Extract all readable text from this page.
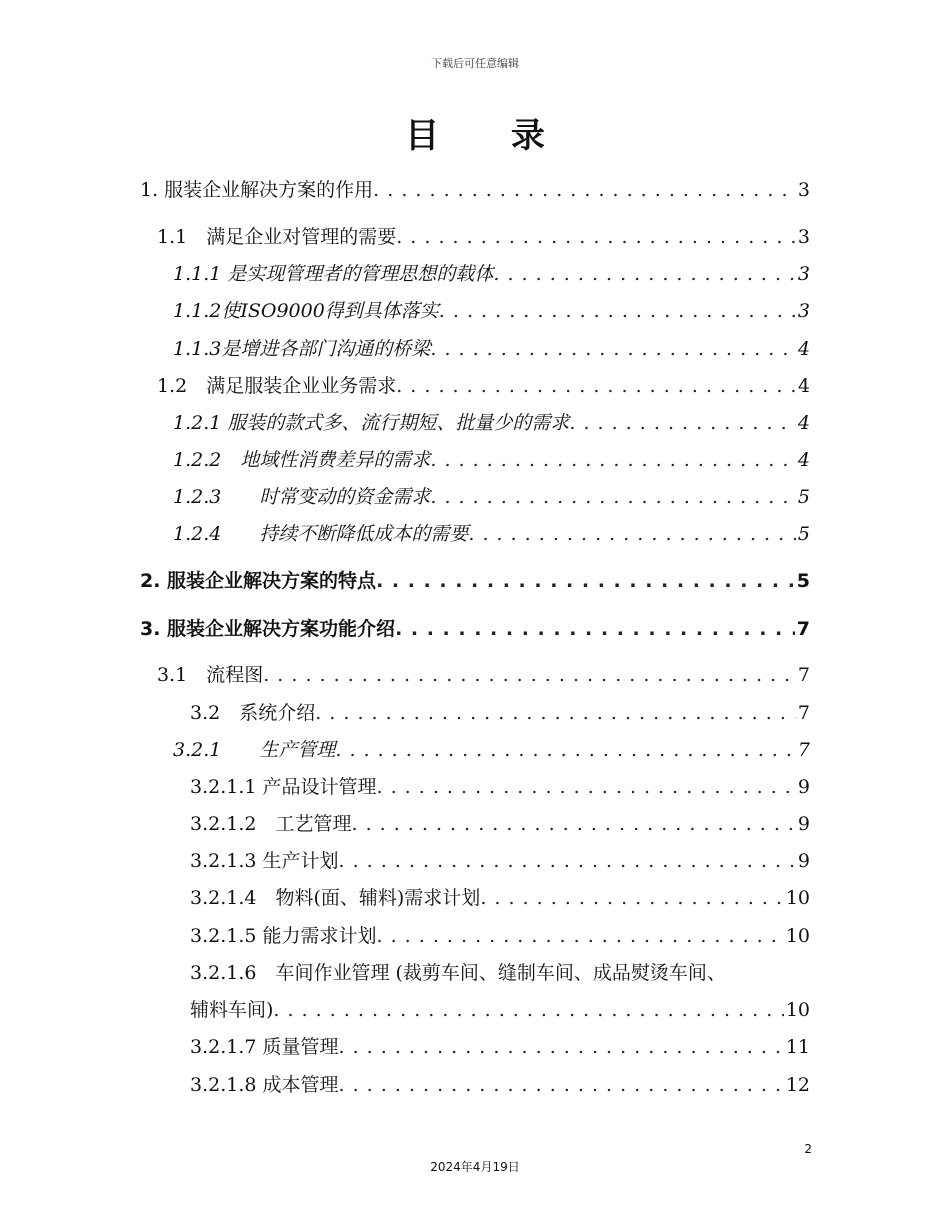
下载后可任意编辑
目 录
1. 服装企业解决方案的作用 . . .	3
1.1　满足企业对管理的需要 . . .	3
1.1.1 是实现管理者的管理思想的载体 . . .	3
1.1.2使ISO9000得到具体落实 . . .	3
1.1.3是增进各部门沟通的桥梁 . . .	4
1.2　满足服装企业业务需求 . . .	4
1.2.1 服装的款式多、流行期短、批量少的需求 . . .	4
1.2.2　地域性消费差异的需求 . . .	4
1.2.3　　时常变动的资金需求 . . .	5
1.2.4　　持续不断降低成本的需要 . . .	5
2. 服装企业解决方案的特点 . . .	5
3. 服装企业解决方案功能介绍 . . .	7
3.1　流程图 . . .	7
3.2　系统介绍 . . .	7
3.2.1　　生产管理 . . .	7
3.2.1.1 产品设计管理 . . .	9
3.2.1.2　工艺管理 . . .	9
3.2.1.3 生产计划 . . .	9
3.2.1.4　物料(面、辅料)需求计划 . . .	10
3.2.1.5 能力需求计划 . . .	10
3.2.1.6　车间作业管理 (裁剪车间、缝制车间、成品熨烫车间、
辅料车间) . . .	10
3.2.1.7 质量管理 . . .	11
3.2.1.8 成本管理 . . .	12
2
2024年4月19日
